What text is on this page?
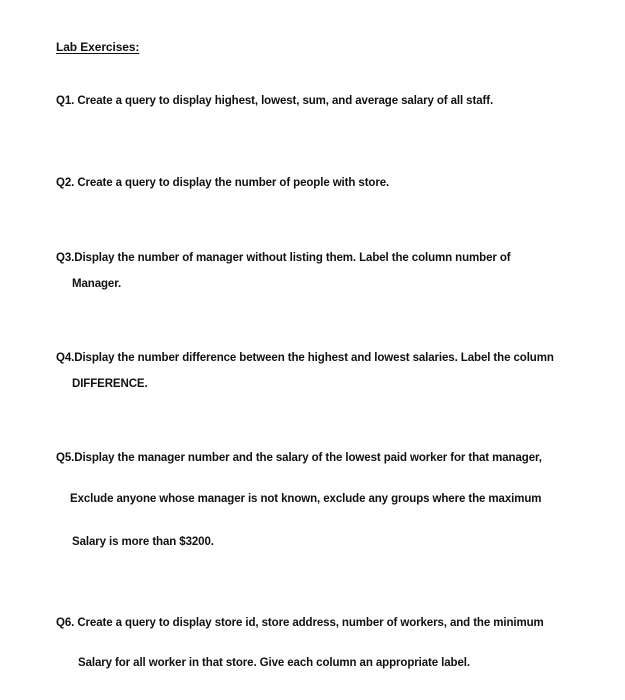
Lab Exercises:
Q1. Create a query to display highest, lowest, sum, and average salary of all staff.
Q2. Create a query to display the number of people with store.
Q3.Display the number of manager without listing them. Label the column number of
Manager.
Q4.Display the number difference between the highest and lowest salaries. Label the column
DIFFERENCE.
Q5.Display the manager number and the salary of the lowest paid worker for that manager,
Exclude anyone whose manager is not known, exclude any groups where the maximum
Salary is more than $3200.
Q6. Create a query to display store id, store address, number of workers, and the minimum
Salary for all worker in that store. Give each column an appropriate label.
